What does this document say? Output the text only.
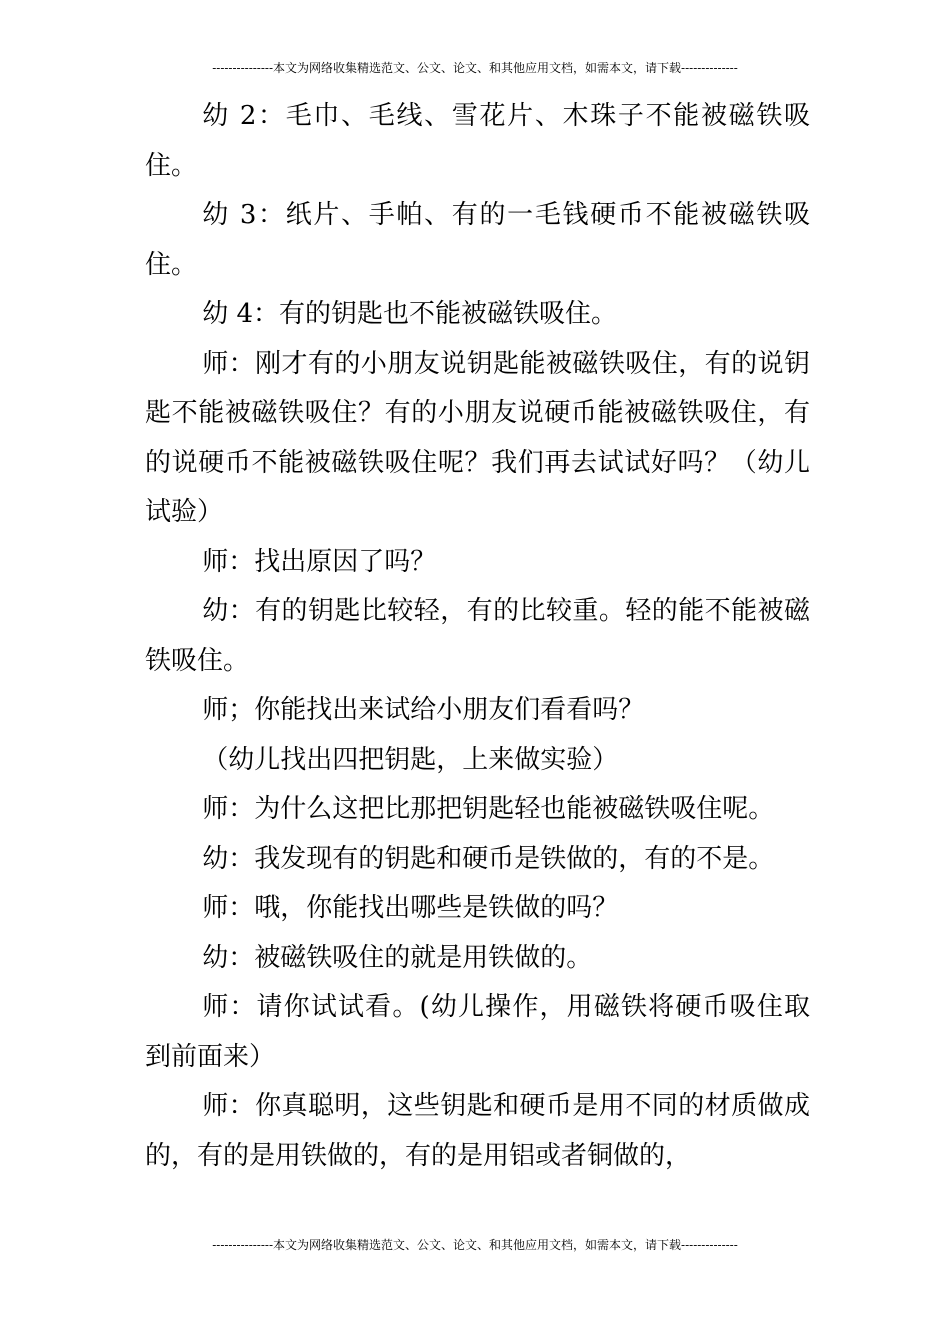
---------------本文为网络收集精选范文、公文、论文、和其他应用文档，如需本文，请下载--------------

幼 2：毛巾、毛线、雪花片、木珠子不能被磁铁吸住。

幼 3：纸片、手帕、有的一毛钱硬币不能被磁铁吸住。

幼 4：有的钥匙也不能被磁铁吸住。

师：刚才有的小朋友说钥匙能被磁铁吸住，有的说钥匙不能被磁铁吸住？有的小朋友说硬币能被磁铁吸住，有的说硬币不能被磁铁吸住呢？我们再去试试好吗？（幼儿试验）

师：找出原因了吗？

幼：有的钥匙比较轻，有的比较重。轻的能不能被磁铁吸住。

师；你能找出来试给小朋友们看看吗？

（幼儿找出四把钥匙，上来做实验）

师：为什么这把比那把钥匙轻也能被磁铁吸住呢。

幼：我发现有的钥匙和硬币是铁做的，有的不是。

师：哦，你能找出哪些是铁做的吗？

幼：被磁铁吸住的就是用铁做的。

师：请你试试看。(幼儿操作，用磁铁将硬币吸住取到前面来）

师：你真聪明，这些钥匙和硬币是用不同的材质做成的，有的是用铁做的，有的是用铝或者铜做的，

---------------本文为网络收集精选范文、公文、论文、和其他应用文档，如需本文，请下载--------------
